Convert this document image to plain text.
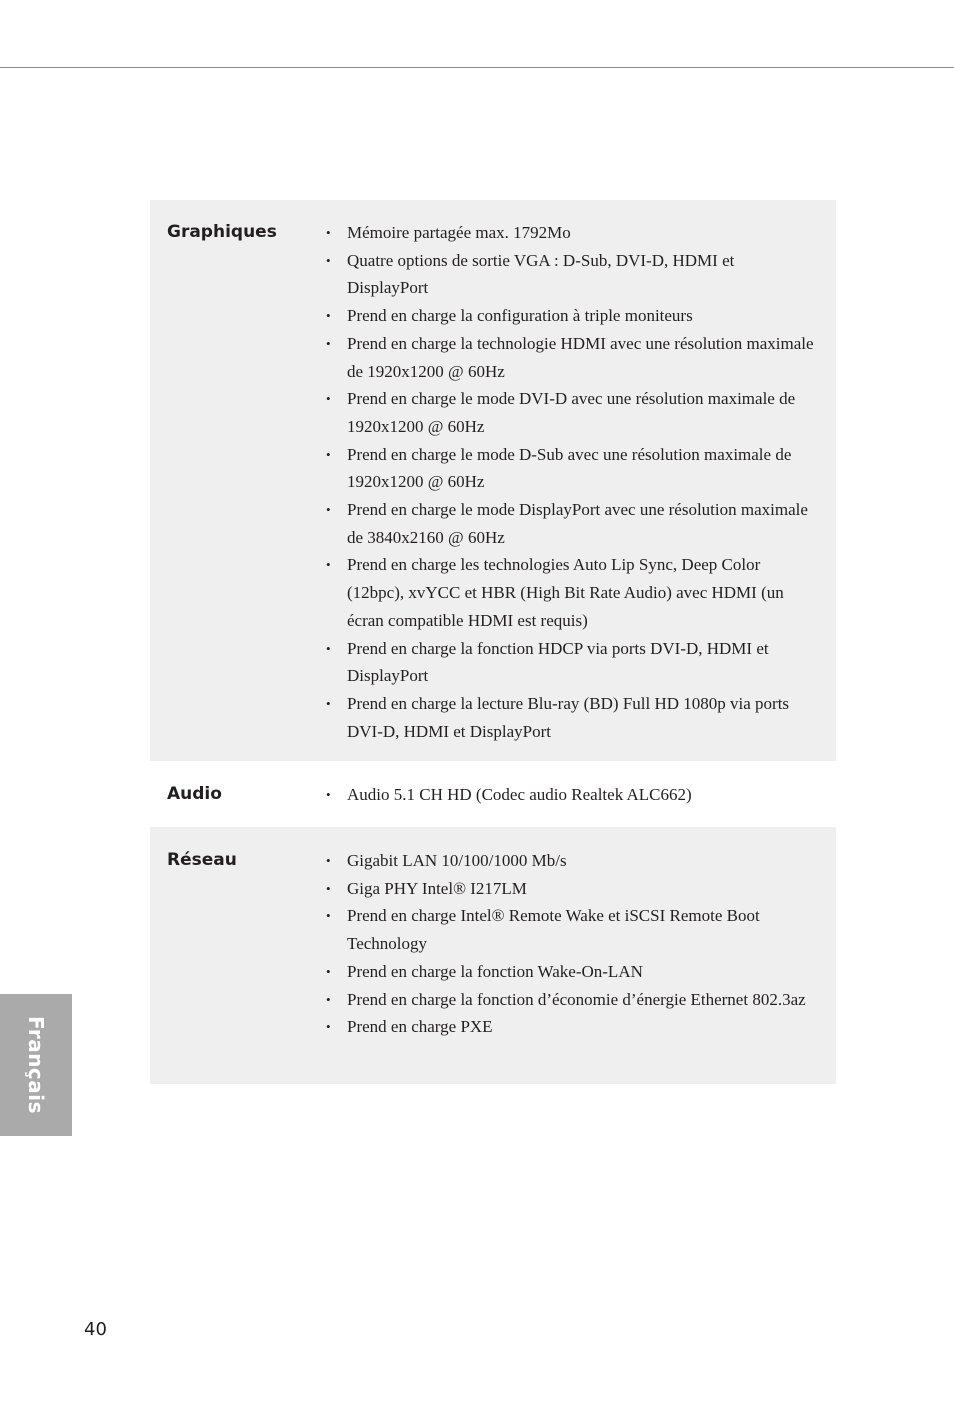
Graphiques	• Mémoire partagée max. 1792Mo
• Quatre options de sortie VGA : D-Sub, DVI-D, HDMI et DisplayPort
• Prend en charge la configuration à triple moniteurs
• Prend en charge la technologie HDMI avec une résolution maximale de 1920x1200 @ 60Hz
• Prend en charge le mode DVI-D avec une résolution maximale de 1920x1200 @ 60Hz
• Prend en charge le mode D-Sub avec une résolution maximale de 1920x1200 @ 60Hz
• Prend en charge le mode DisplayPort avec une résolution maximale de 3840x2160 @ 60Hz
• Prend en charge les technologies Auto Lip Sync, Deep Color (12bpc), xvYCC et HBR (High Bit Rate Audio) avec HDMI (un écran compatible HDMI est requis)
• Prend en charge la fonction HDCP via ports DVI-D, HDMI et DisplayPort
• Prend en charge la lecture Blu-ray (BD) Full HD 1080p via ports DVI-D, HDMI et DisplayPort
Audio	• Audio 5.1 CH HD (Codec audio Realtek ALC662)
Réseau	• Gigabit LAN 10/100/1000 Mb/s
• Giga PHY Intel® I217LM
• Prend en charge Intel® Remote Wake et iSCSI Remote Boot Technology
• Prend en charge la fonction Wake-On-LAN
• Prend en charge la fonction d’économie d’énergie Ethernet 802.3az
• Prend en charge PXE
Français
40
